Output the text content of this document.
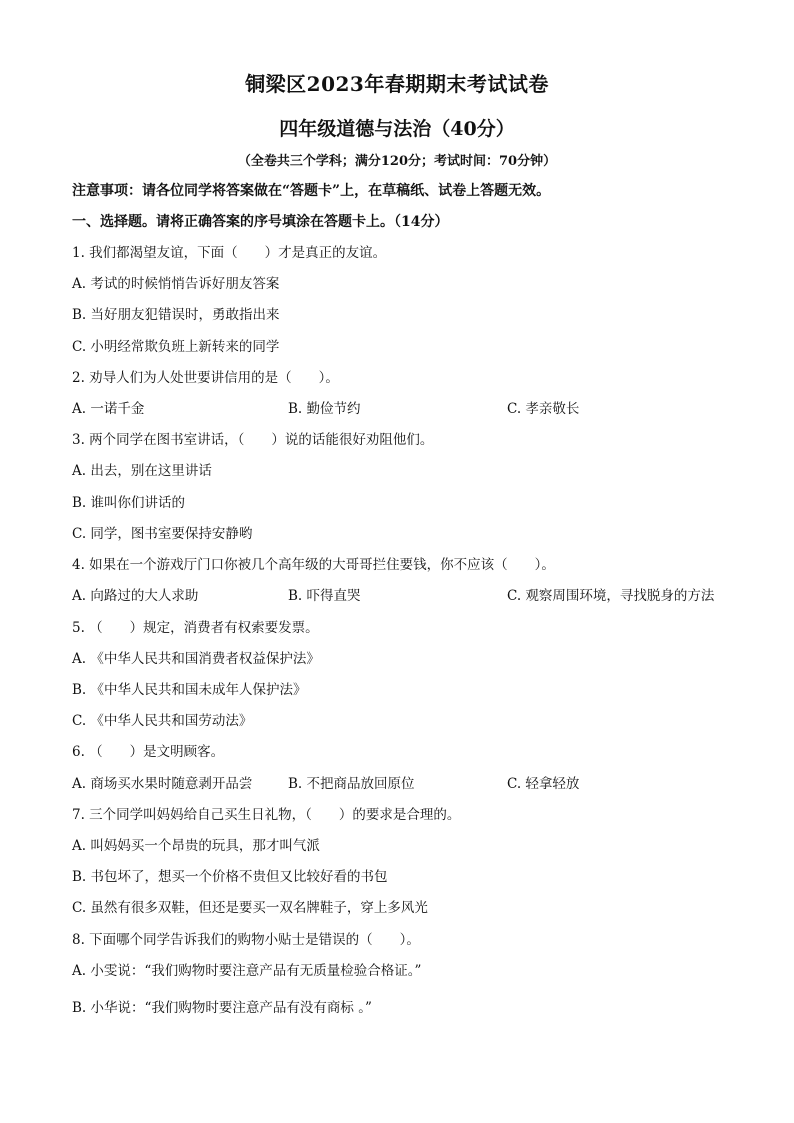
铜梁区2023年春期期末考试试卷
四年级道德与法治（40分）
（全卷共三个学科；满分120分；考试时间：70分钟）
注意事项：请各位同学将答案做在“答题卡”上，在草稿纸、试卷上答题无效。
一、选择题。请将正确答案的序号填涂在答题卡上。（14分）
1. 我们都渴望友谊，下面（　　）才是真正的友谊。
A. 考试的时候悄悄告诉好朋友答案
B. 当好朋友犯错误时，勇敢指出来
C. 小明经常欺负班上新转来的同学
2. 劝导人们为人处世要讲信用的是（　　）。
A. 一诺千金	B. 勤俭节约	C. 孝亲敬长
3. 两个同学在图书室讲话，（　　）说的话能很好劝阻他们。
A. 出去，别在这里讲话
B. 谁叫你们讲话的
C. 同学，图书室要保持安静哟
4. 如果在一个游戏厅门口你被几个高年级的大哥哥拦住要钱，你不应该（　　）。
A. 向路过的大人求助	B. 吓得直哭	C. 观察周围环境，寻找脱身的方法
5. （　　）规定，消费者有权索要发票。
A. 《中华人民共和国消费者权益保护法》
B. 《中华人民共和国未成年人保护法》
C. 《中华人民共和国劳动法》
6. （　　）是文明顾客。
A. 商场买水果时随意剥开品尝	B. 不把商品放回原位	C. 轻拿轻放
7. 三个同学叫妈妈给自己买生日礼物，（　　）的要求是合理的。
A. 叫妈妈买一个昂贵的玩具，那才叫气派
B. 书包坏了，想买一个价格不贵但又比较好看的书包
C. 虽然有很多双鞋，但还是要买一双名牌鞋子，穿上多风光
8. 下面哪个同学告诉我们的购物小贴士是错误的（　　）。
A. 小雯说：“我们购物时要注意产品有无质量检验合格证。”
B. 小华说：“我们购物时要注意产品有没有商标 。”
